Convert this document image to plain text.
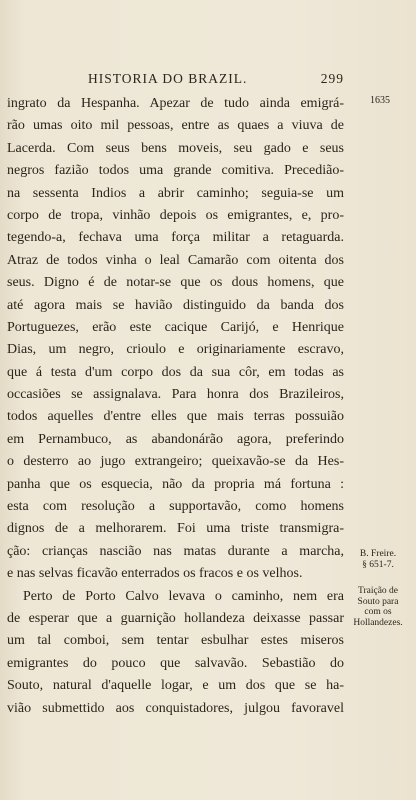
HISTORIA DO BRAZIL.	299
ingrato da Hespanha. Apezar de tudo ainda emigrá-
rão umas oito mil pessoas, entre as quaes a viuva de
Lacerda. Com seus bens moveis, seu gado e seus
negros fazião todos uma grande comitiva. Precedião-
na sessenta Indios a abrir caminho; seguia-se um
corpo de tropa, vinhão depois os emigrantes, e, pro-
tegendo-a, fechava uma força militar a retaguarda.
Atraz de todos vinha o leal Camarão com oitenta dos
seus. Digno é de notar-se que os dous homens, que
até agora mais se havião distinguido da banda dos
Portuguezes, erão este cacique Carijó, e Henrique
Dias, um negro, crioulo e originariamente escravo,
que á testa d'um corpo dos da sua côr, em todas as
occasiões se assignalava. Para honra dos Brazileiros,
todos aquelles d'entre elles que mais terras possuião
em Pernambuco, as abandonárão agora, preferindo
o desterro ao jugo extrangeiro; queixavão-se da Hes-
panha que os esquecia, não da propria má fortuna :
esta com resolução a supportavão, como homens
dignos de a melhorarem. Foi uma triste transmigra-
ção: crianças nascião nas matas durante a marcha,
e nas selvas ficavão enterrados os fracos e os velhos.
Perto de Porto Calvo levava o caminho, nem era
de esperar que a guarnição hollandeza deixasse passar
um tal comboi, sem tentar esbulhar estes miseros
emigrantes do pouco que salvavão. Sebastião do
Souto, natural d'aquelle logar, e um dos que se ha-
vião submettido aos conquistadores, julgou favoravel
1635
B. Freire.
§ 651-7.
Traição de
Souto para
com os
Hollandezes.
